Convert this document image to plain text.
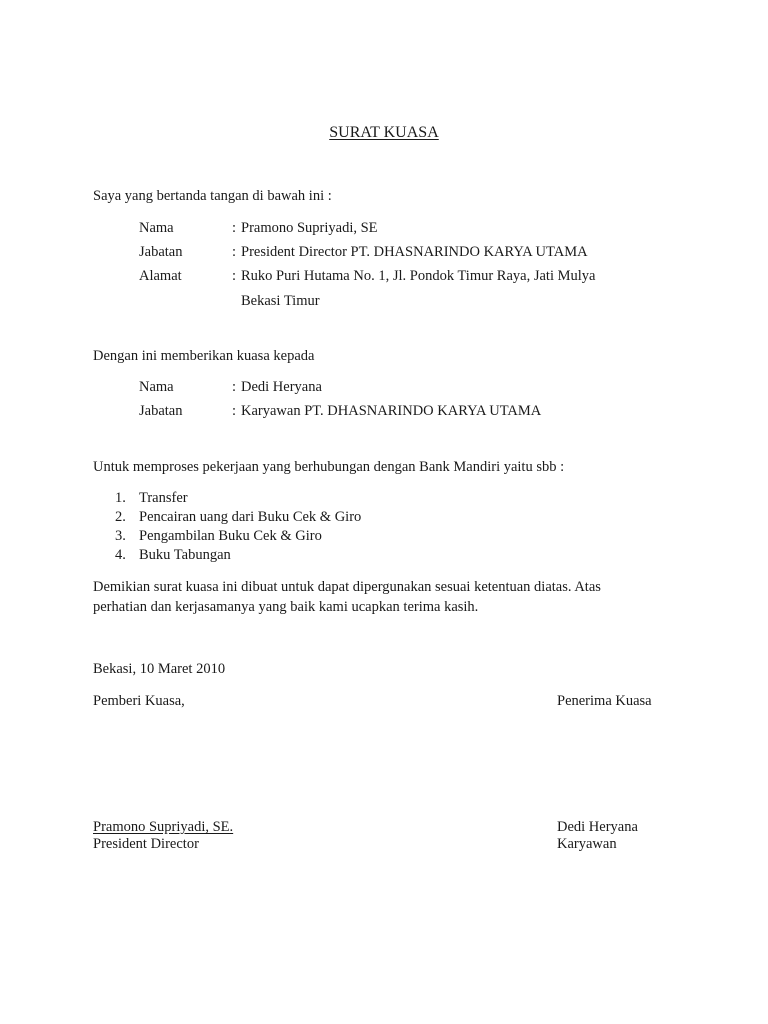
SURAT KUASA
Saya yang bertanda tangan di bawah ini :
Nama	: Pramono Supriyadi, SE
Jabatan	: President Director PT. DHASNARINDO KARYA UTAMA
Alamat	: Ruko Puri Hutama No. 1, Jl. Pondok Timur Raya, Jati Mulya
Bekasi Timur
Dengan ini memberikan kuasa kepada
Nama	: Dedi Heryana
Jabatan	: Karyawan PT. DHASNARINDO KARYA UTAMA
Untuk memproses pekerjaan yang berhubungan dengan Bank Mandiri yaitu sbb :
1. Transfer
2. Pencairan uang dari Buku Cek & Giro
3. Pengambilan Buku Cek & Giro
4. Buku Tabungan
Demikian surat kuasa ini dibuat untuk dapat dipergunakan sesuai ketentuan diatas. Atas
perhatian dan kerjasamanya yang baik kami ucapkan terima kasih.
Bekasi, 10 Maret 2010
Pemberi Kuasa,	Penerima Kuasa
Pramono Supriyadi, SE.
President Director
Dedi Heryana
Karyawan
